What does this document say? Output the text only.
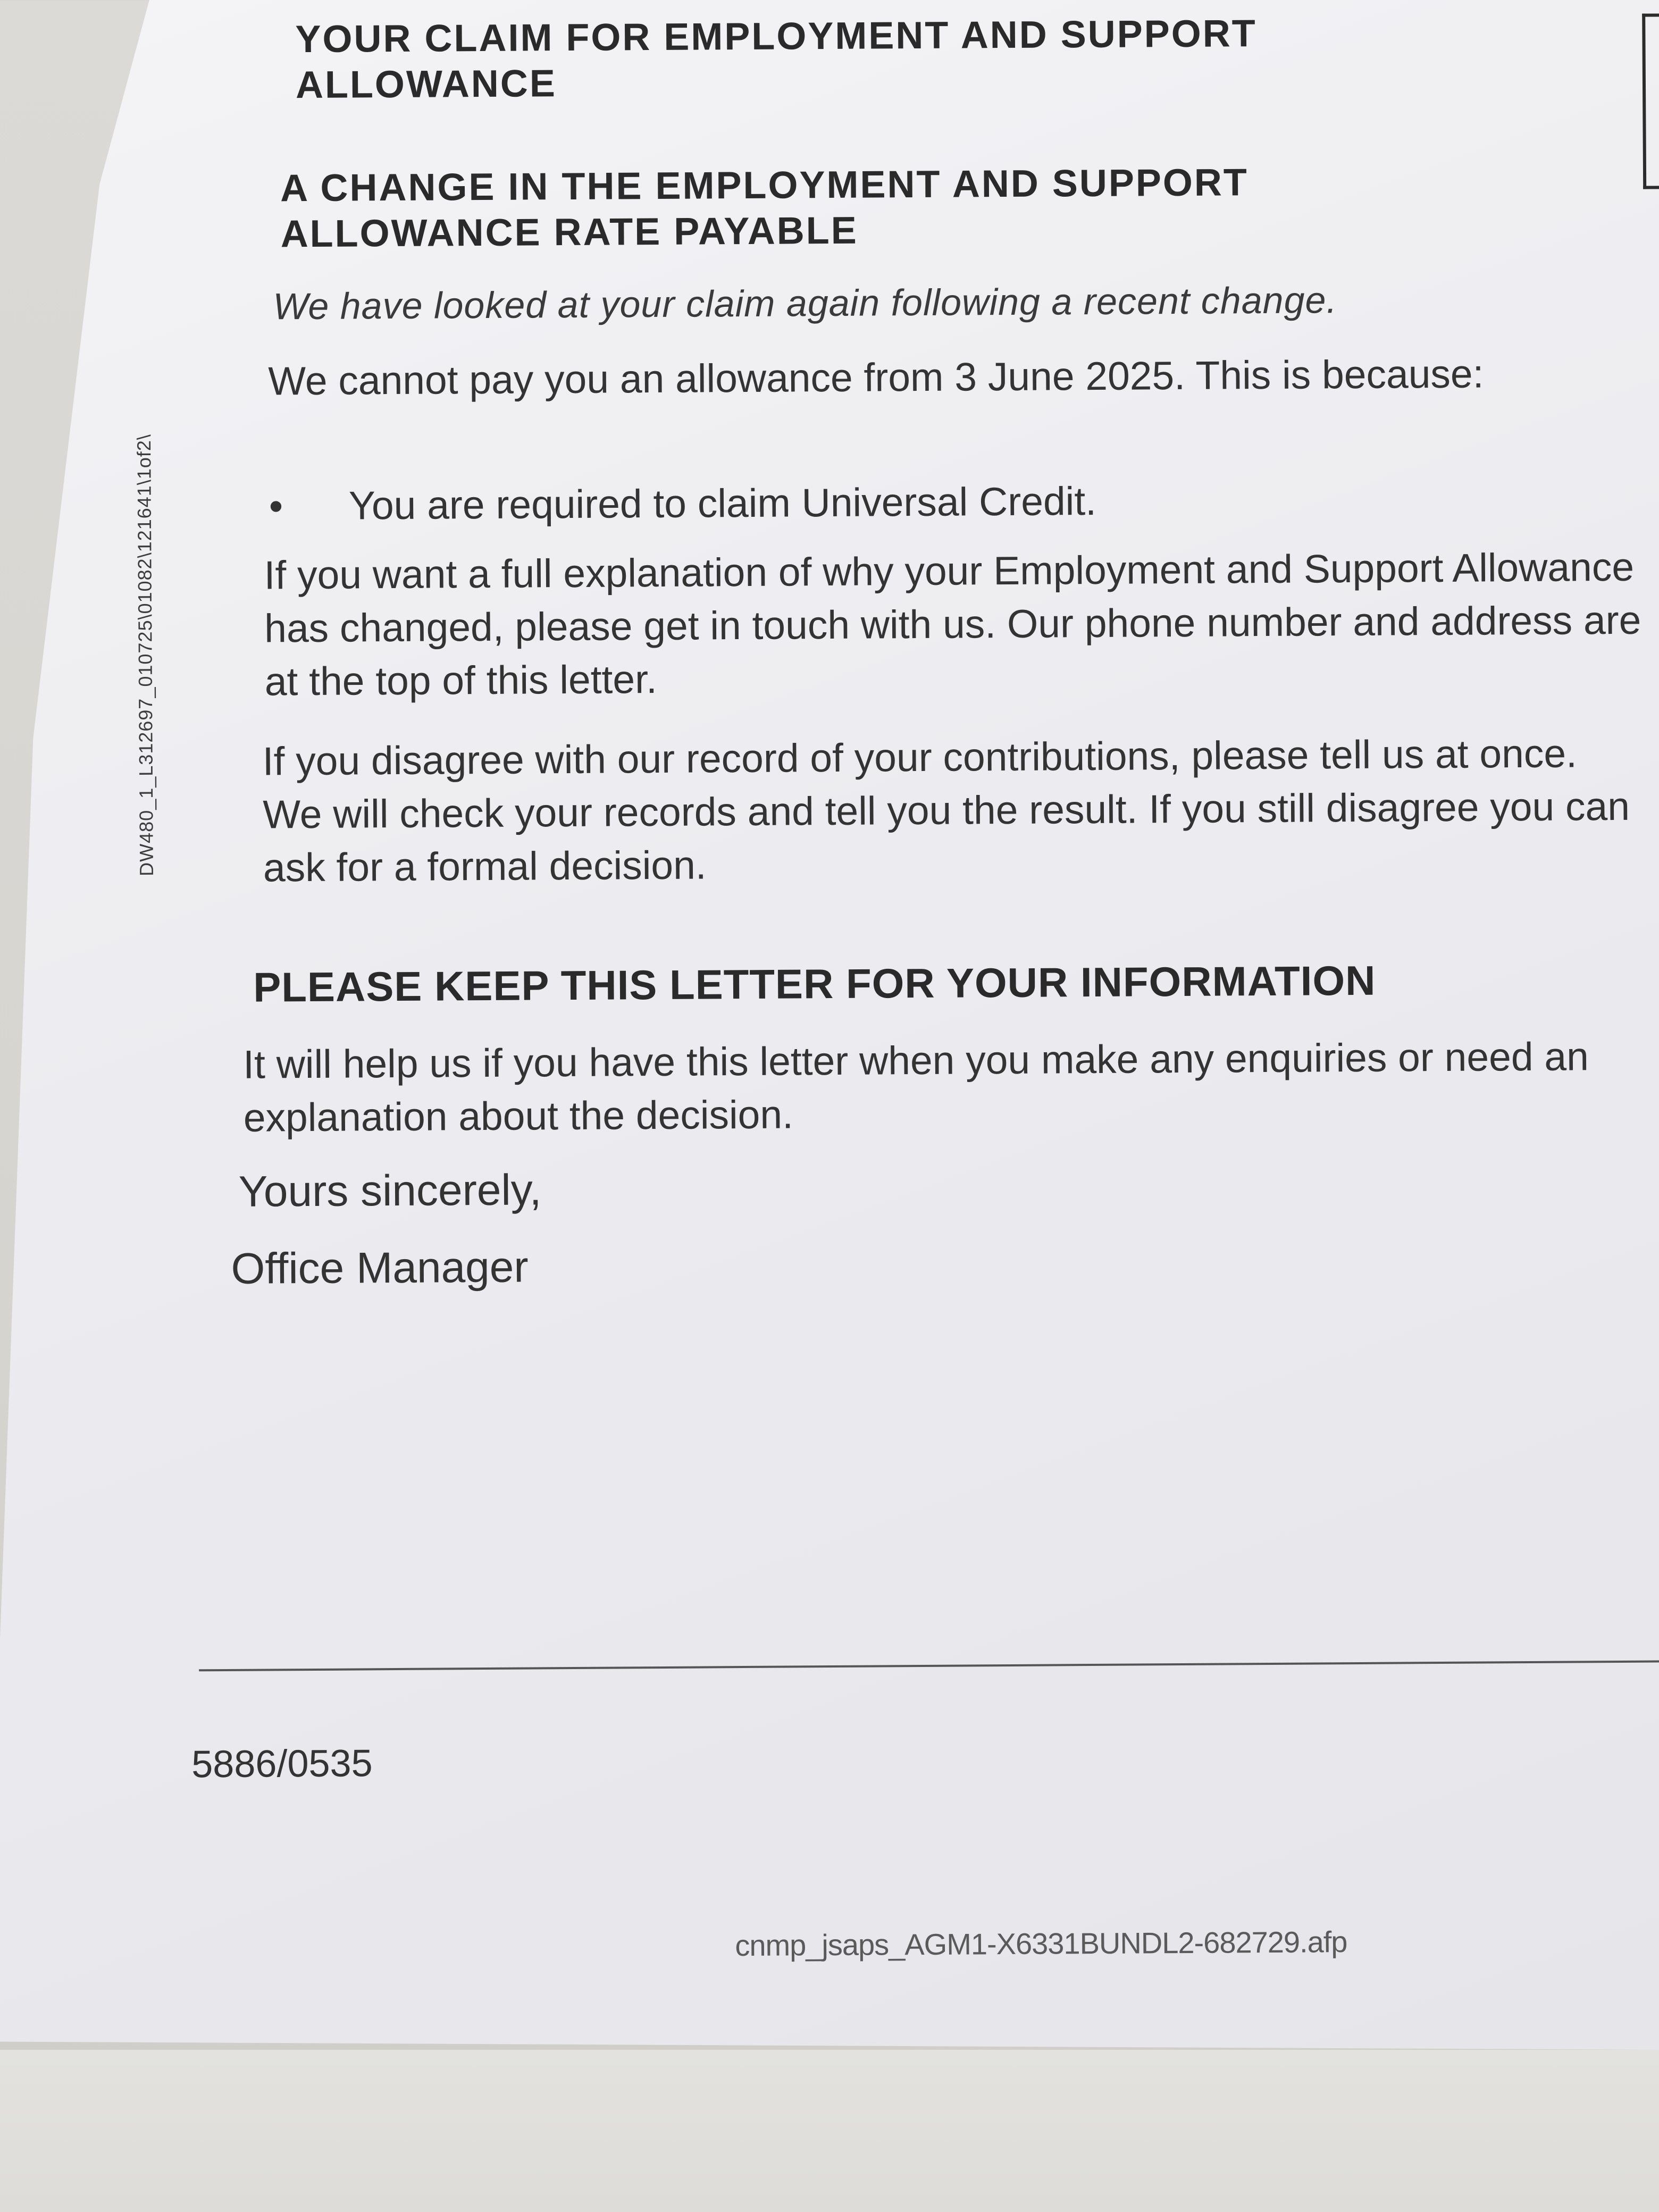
DW480_1_L312697_010725\01082\121641\1of2\
YOUR CLAIM FOR EMPLOYMENT AND SUPPORT ALLOWANCE
A CHANGE IN THE EMPLOYMENT AND SUPPORT ALLOWANCE RATE PAYABLE
We have looked at your claim again following a recent change.
We cannot pay you an allowance from 3 June 2025. This is because:
•	You are required to claim Universal Credit.
If you want a full explanation of why your Employment and Support Allowance has changed, please get in touch with us. Our phone number and address are at the top of this letter.
If you disagree with our record of your contributions, please tell us at once. We will check your records and tell you the result. If you still disagree you can ask for a formal decision.
PLEASE KEEP THIS LETTER FOR YOUR INFORMATION
It will help us if you have this letter when you make any enquiries or need an explanation about the decision.
Yours sincerely,
Office Manager
5886/0535
cnmp_jsaps_AGM1-X6331BUNDL2-682729.afp
